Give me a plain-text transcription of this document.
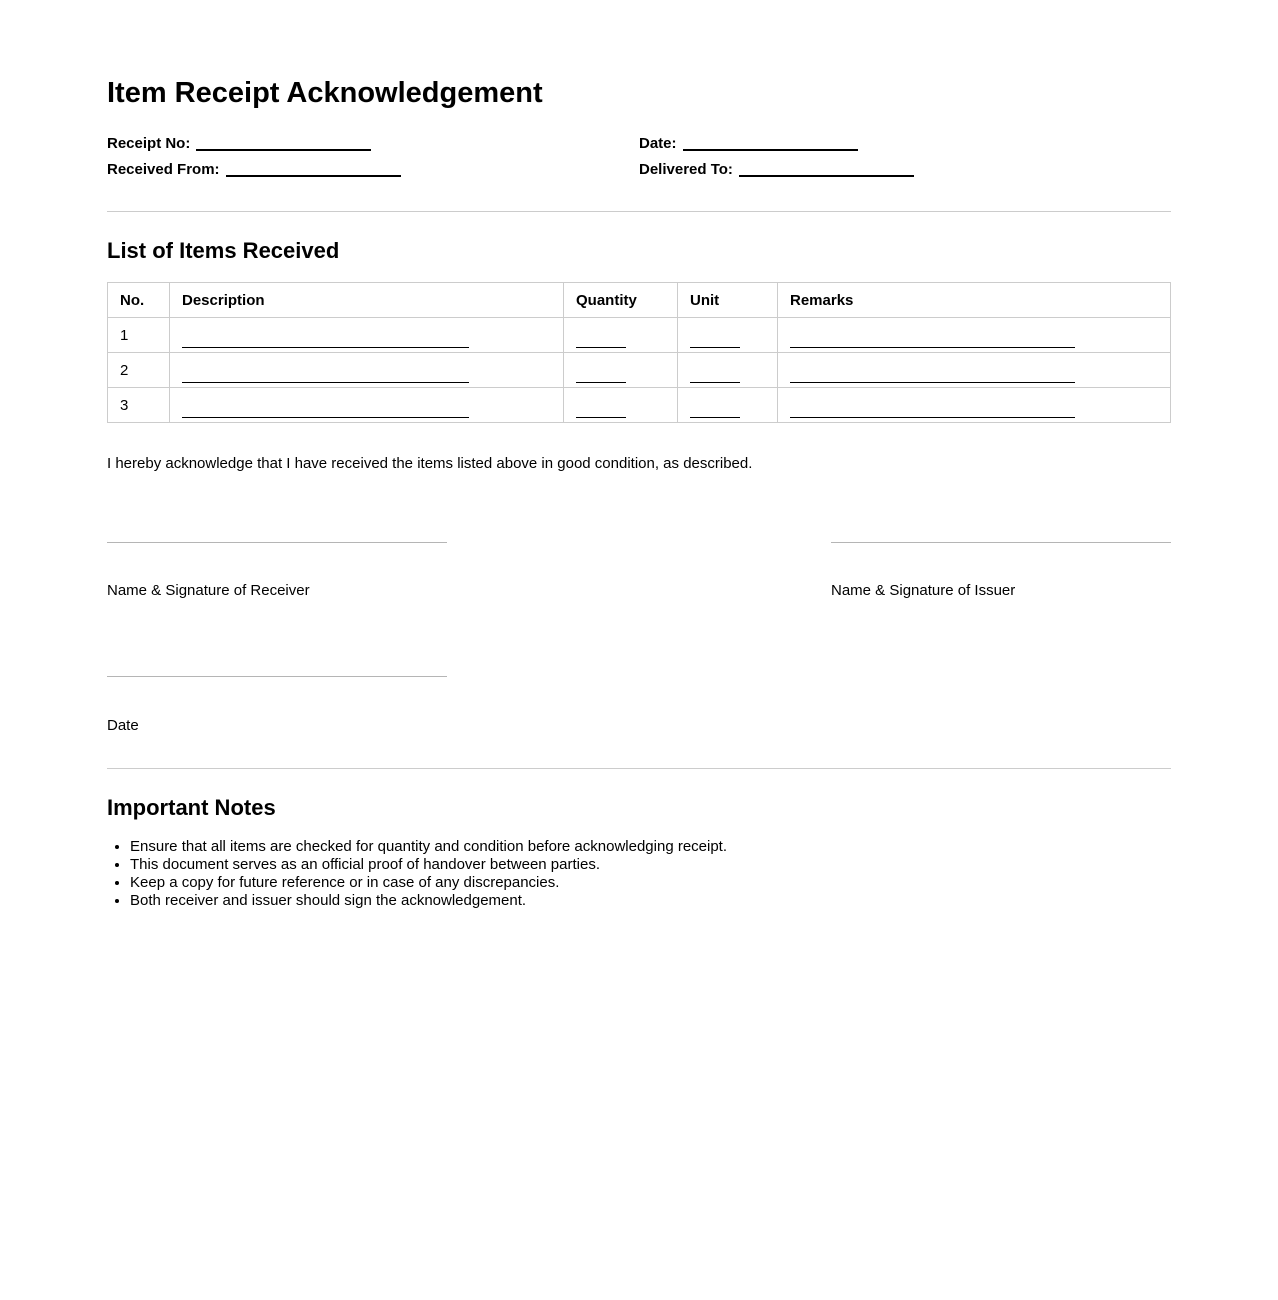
Item Receipt Acknowledgement
Receipt No:	Date:
Received From:	Delivered To:
List of Items Received
No.	Description	Quantity	Unit	Remarks
1				
2				
3				

I hereby acknowledge that I have received the items listed above in good condition, as described.

Name & Signature of Receiver	Name & Signature of Issuer
Date
Important Notes
• Ensure that all items are checked for quantity and condition before acknowledging receipt.
• This document serves as an official proof of handover between parties.
• Keep a copy for future reference or in case of any discrepancies.
• Both receiver and issuer should sign the acknowledgement.
